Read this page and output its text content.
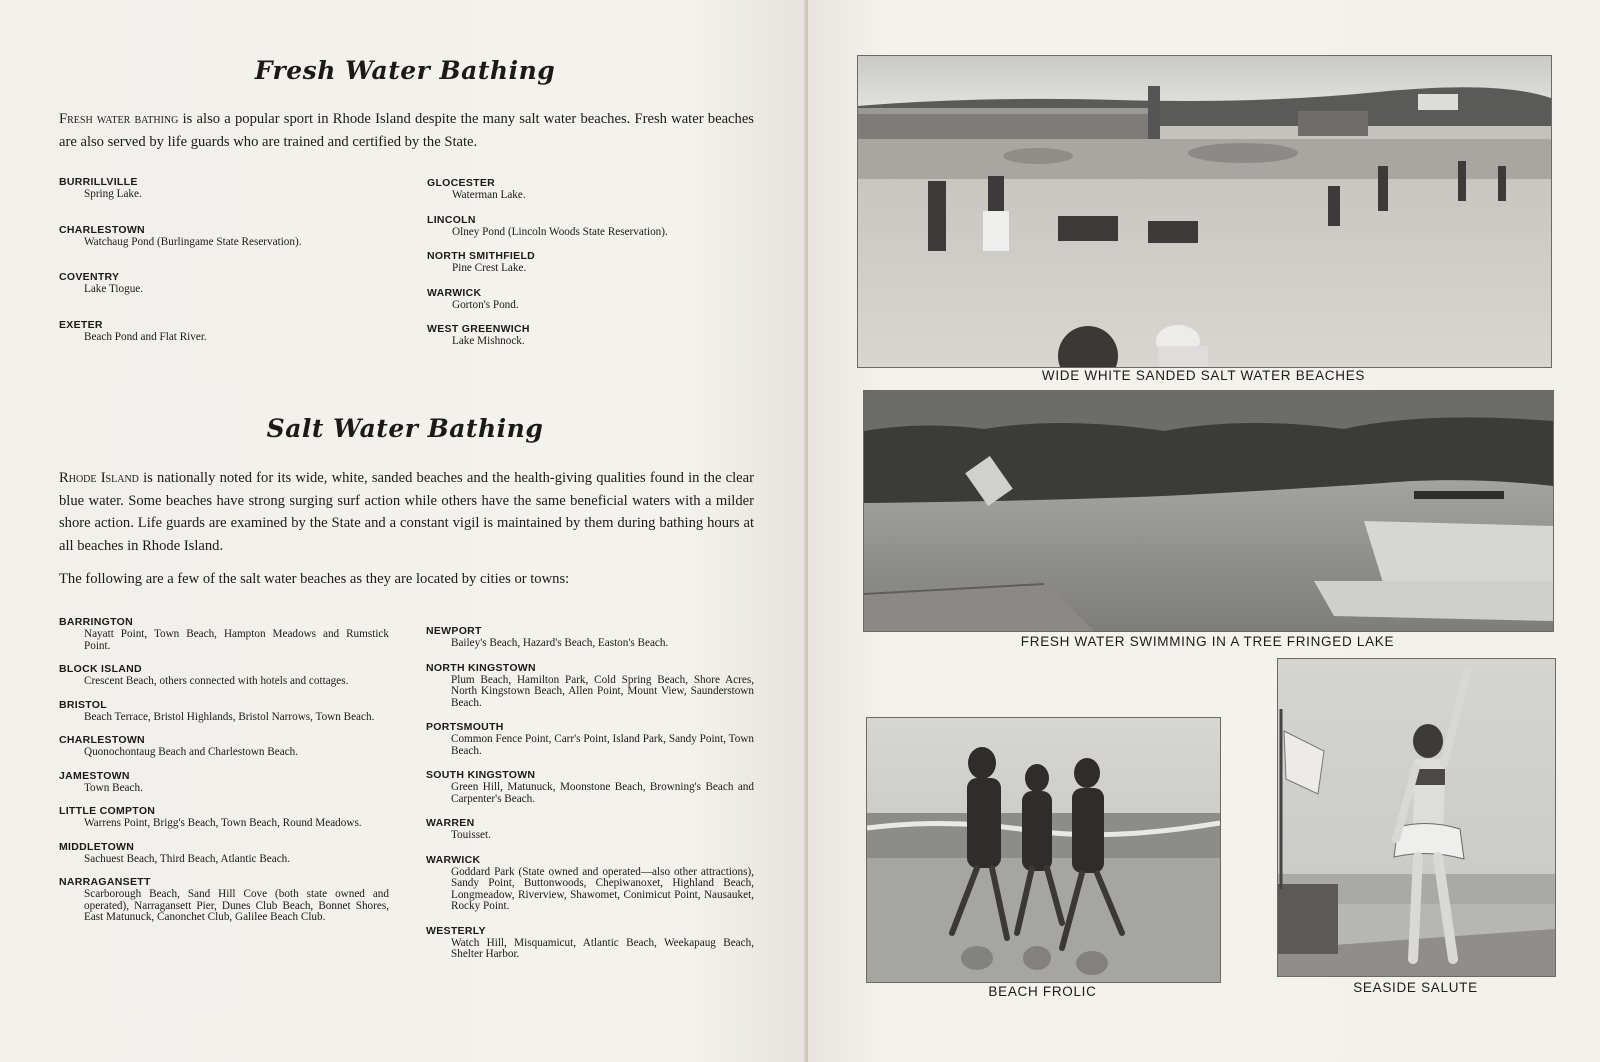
Fresh Water Bathing

Fresh water bathing is also a popular sport in Rhode Island despite the many salt water beaches. Fresh water beaches are also served by life guards who are trained and certified by the State.

BURRILLVILLE
Spring Lake.
CHARLESTOWN
Watchaug Pond (Burlingame State Reservation).
COVENTRY
Lake Tiogue.
EXETER
Beach Pond and Flat River.
GLOCESTER
Waterman Lake.
LINCOLN
Olney Pond (Lincoln Woods State Reservation).
NORTH SMITHFIELD
Pine Crest Lake.
WARWICK
Gorton's Pond.
WEST GREENWICH
Lake Mishnock.
Salt Water Bathing

Rhode Island is nationally noted for its wide, white, sanded beaches and the health-giving qualities found in the clear blue water. Some beaches have strong surging surf action while others have the same beneficial waters with a milder shore action. Life guards are examined by the State and a constant vigil is maintained by them during bathing hours at all beaches in Rhode Island.

The following are a few of the salt water beaches as they are located by cities or towns:

BARRINGTON
Nayatt Point, Town Beach, Hampton Meadows and Rumstick Point.
BLOCK ISLAND
Crescent Beach, others connected with hotels and cottages.
BRISTOL
Beach Terrace, Bristol Highlands, Bristol Narrows, Town Beach.
CHARLESTOWN
Quonochontaug Beach and Charlestown Beach.
JAMESTOWN
Town Beach.
LITTLE COMPTON
Warrens Point, Brigg's Beach, Town Beach, Round Meadows.
MIDDLETOWN
Sachuest Beach, Third Beach, Atlantic Beach.
NARRAGANSETT
Scarborough Beach, Sand Hill Cove (both state owned and operated), Narragansett Pier, Dunes Club Beach, Bonnet Shores, East Matunuck, Canonchet Club, Galilee Beach Club.
NEWPORT
Bailey's Beach, Hazard's Beach, Easton's Beach.
NORTH KINGSTOWN
Plum Beach, Hamilton Park, Cold Spring Beach, Shore Acres, North Kingstown Beach, Allen Point, Mount View, Saunderstown Beach.
PORTSMOUTH
Common Fence Point, Carr's Point, Island Park, Sandy Point, Town Beach.
SOUTH KINGSTOWN
Green Hill, Matunuck, Moonstone Beach, Browning's Beach and Carpenter's Beach.
WARREN
Touisset.
WARWICK
Goddard Park (State owned and operated—also other attractions), Sandy Point, Buttonwoods, Chepiwanoxet, Highland Beach, Longmeadow, Riverview, Shawomet, Conimicut Point, Nausauket, Rocky Point.
WESTERLY
Watch Hill, Misquamicut, Atlantic Beach, Weekapaug Beach, Shelter Harbor.
WIDE WHITE SANDED SALT WATER BEACHES
FRESH WATER SWIMMING IN A TREE FRINGED LAKE
BEACH FROLIC	SEASIDE SALUTE
